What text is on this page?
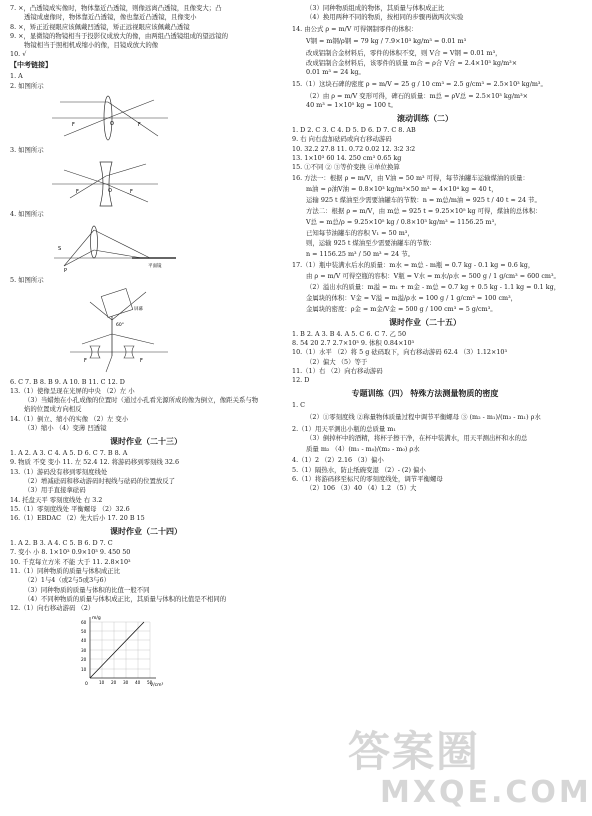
7. ×，凸透镜成实像时，物体靠近凸透镜，则像远离凸透镜，且像变大；凸
透镜成虚像时，物体靠近凸透镜，像也靠近凸透镜，且像变小
8. ×，矫正近视眼应该佩戴凹透镜，矫正远视眼应该佩戴凸透镜
9. ×，显微镜的物镜相当于投影仪成放大的像，由两组凸透镜组成的望远镜的
物镜相当于照相机成缩小的像，目镜成放大的像
10. √
【中考链接】
1. A
2. 如图所示
F	F
O
3. 如图所示
F	F
O
4. 如图所示
S
P
平面镜
5. 如图所示
屏幕
60°
F	F
6. C 7. B 8. B 9. A 10. B 11. C 12. D
13.（1）使像呈现在光屏的中央 （2）左 小
（3）当蜡烛在小孔成像的位置时（通过小孔看光源所成的像为倒立，像距关系与物
焰的位置成方向相反
14.（1）倒立、缩小的实像 （2）左 变小
（3）缩小 （4）变薄 凹透镜
课时作业（二十三）
1. A 2. A 3. C 4. A 5. D 6. C 7. B 8. A
9. 物质 不变 变小 11. 左 52.4 12. 将游码移到零刻线 32.6
13.（1）游码没有移到零刻度线处
（2）增减砝码和移动游码时视线与砝码的位置放反了
（3）用手直接拿砝码
14. 托盘天平 零刻度线处 右 3.2
15.（1）零刻度线处 平衡螺母 （2）32.6
16.（1）EBDAC （2）先大后小 17. 20 B 15
课时作业（二十四）
1. A 2. B 3. A 4. C 5. B 6. D 7. C
7. 变小 小 8. 1×10³ 0.9×10³ 9. 450 50
10. 千克每立方米 不能 大于 11. 2.8×10³
11.（1）同种物质的质量与体积成正比
（2）1与4（或2与5或3与6）
（3）同种物质的质量与体积的比值一般不同
（4）不同种物质的质量与体积成正比，其质量与体积的比值是不相同的
12.（1）向右移动游码 （2）
m/g
V/cm³
0
10
20
30
40
50
60
10 20 30 40 50
（3）同种物质组成的物体，其质量与体积成正比
（4）换用两种不同的物质，按相同的步骤再做两次实验
14. 由公式 ρ = m/V 可得钢制零件的体积：
V钢 = m钢/ρ钢 = 79 kg / 7.9×10³ kg/m³ = 0.01 m³
改成铝制合金材料后，零件的体积不变，则 V合 = V钢 = 0.01 m³，
改成铝制合金材料后，该零件的质量 m合 = ρ合 V合 = 2.4×10³ kg/m³×
0.01 m³ = 24 kg。
15.（1）这块石碑的密度 ρ = m/V = 25 g / 10 cm³ = 2.5 g/cm³ = 2.5×10³ kg/m³。
（2）由 ρ = m/V 变形可得，碑石的质量：m总 = ρV总 = 2.5×10³ kg/m³×
40 m³ = 1×10⁵ kg = 100 t。
滚动训练（二）
1. D 2. C 3. C 4. D 5. D 6. D 7. C 8. AB
9. 右 向右盘加砝码或向右移动游码
10. 32.2 27.8 11. 0.72 0.02 12. 3∶2 3∶2
13. 1×10³ 60 14. 250 cm³ 0.65 kg
15. ①不同 ② ③等价变换 ④单位换算
16. 方法一：根据 ρ = m/V，由 V油 = 50 m³ 可得，每节油罐车运输煤油的质量：
m油 = ρ油V油 = 0.8×10³ kg/m³×50 m³ = 4×10⁴ kg = 40 t，
运输 925 t 煤油至少需要油罐车的节数：n = m总/m油 = 925 t / 40 t ≈ 24 节。
方法二：根据 ρ = m/V，由 m总 = 925 t = 9.25×10⁵ kg 可得，煤油的总体积：
V总 = m总/ρ = 9.25×10⁵ kg / 0.8×10³ kg/m³ = 1156.25 m³，
已知每节油罐车的容积 V₁ = 50 m³，
则，运输 925 t 煤油至少需要油罐车的节数：
n = 1156.25 m³ / 50 m³ ≈ 24 节。
17.（1）瓶中装满水后水的质量：m水 = m总 - m瓶 = 0.7 kg - 0.1 kg = 0.6 kg，
由 ρ = m/V 可得空瓶的容积：V瓶 = V水 = m水/ρ水 = 500 g / 1 g/cm³ = 600 cm³。
（2）溢出水的质量：m溢 = m₁ + m金 - m总 = 0.7 kg + 0.5 kg - 1.1 kg = 0.1 kg，
金属块的体积：V金 = V溢 = m溢/ρ水 = 100 g / 1 g/cm³ = 100 cm³，
金属块的密度：ρ金 = m金/V金 = 500 g / 100 cm³ = 5 g/cm³。
课时作业（二十五）
1. B 2. A 3. B 4. A 5. C 6. C 7. 乙 50
8. 54 20 2.7 2.7×10³ 9. 体积 0.84×10³
10.（1）水平 （2）将 5 g 砝码取下，向右移动游码 62.4 （3）1.12×10³
（2）偏大 （5）等于
11.（1）右 （2）向右移动游码
12. D
专题训练（四） 特殊方法测量物质的密度
1. C
（2）①零刻度线 ②称量物体质量过程中调节平衡螺母 ③ (m₂ - m₁)/(m₃ - m₁) ρ水
2.（1）用天平测出小瓶的总质量 m₁
（3）倒掉杯中的酒精，将杯子擦干净，在杯中装满水，用天平测出杯和水的总
质量 m₂ （4）(m₁ - m₀)/(m₂ - m₀) ρ水
4.（1）2 （2）2.16 （3）偏小
5.（1）隔热水，防止纸碗变湿 （2）- (2) 偏小
6.（1）将游码移至标尺的零刻度线处，调节平衡螺母
（2）106 （3）40 （4）1.2 （5）大
答案圈
MXQE.COM
